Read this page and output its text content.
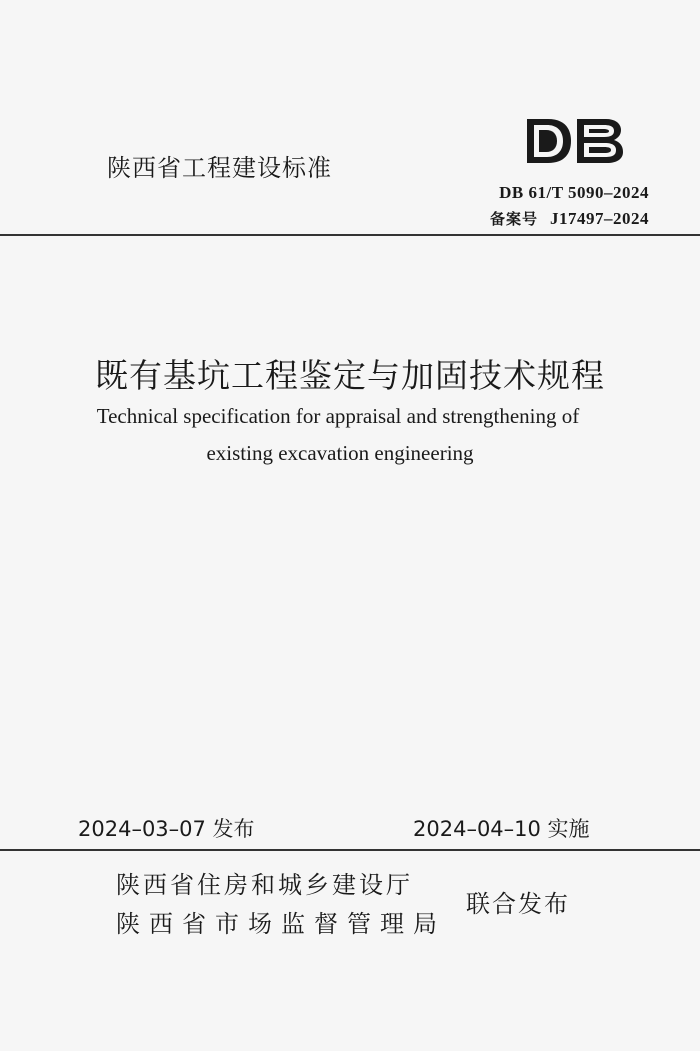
陕西省工程建设标准
DB 61/T 5090–2024
备案号 J17497–2024
既有基坑工程鉴定与加固技术规程
Technical specification for appraisal and strengthening of
existing excavation engineering
2024–03–07 发布	2024–04–10 实施
陕西省住房和城乡建设厅
陕西省市场监督管理局
联合发布
